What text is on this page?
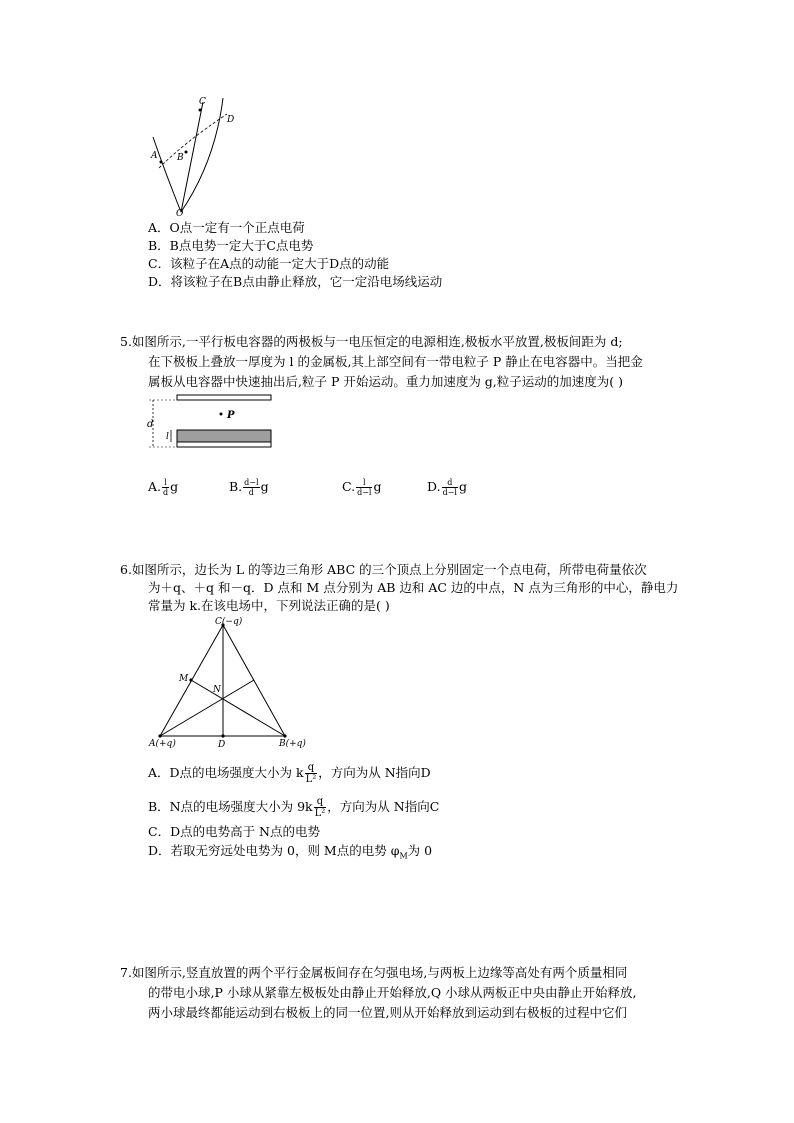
C
D
B
A
O
A．O点一定有一个正点电荷
B．B点电势一定大于C点电势
C．该粒子在A点的动能一定大于D点的动能
D．将该粒子在B点由静止释放，它一定沿电场线运动
5.如图所示,一平行板电容器的两极板与一电压恒定的电源相连,极板水平放置,极板间距为 d;
在下极板上叠放一厚度为 l 的金属板,其上部空间有一带电粒子 P 静止在电容器中。当把金
属板从电容器中快速抽出后,粒子 P 开始运动。重力加速度为 g,粒子运动的加速度为( )
P
d
l
A. $\frac{l}{d}$ g	B. $\frac{d-l}{d}$ g	C. $\frac{l}{d-l}$ g	D. $\frac{d}{d-l}$ g
6.如图所示，边长为 L 的等边三角形 ABC 的三个顶点上分别固定一个点电荷，所带电荷量依次
为＋q、＋q 和－q．D 点和 M 点分别为 AB 边和 AC 边的中点，N 点为三角形的中心，静电力
常量为 k.在该电场中，下列说法正确的是( )
C(−q)
M
N
A(+q)	D	B(+q)
A．D点的电场强度大小为 k $\frac{q}{\text{L²}}$ ，方向为从 N指向D
B．N点的电场强度大小为 $9k \frac{q}{\text{L²}}$ ，方向为从 N指向C
C．D点的电势高于 N点的电势
D．若取无穷远处电势为 0，则 M点的电势 $\varphi_M$为 0
7.如图所示,竖直放置的两个平行金属板间存在匀强电场,与两板上边缘等高处有两个质量相同
的带电小球,P 小球从紧靠左极板处由静止开始释放,Q 小球从两板正中央由静止开始释放,
两小球最终都能运动到右极板上的同一位置,则从开始释放到运动到右极板的过程中它们
